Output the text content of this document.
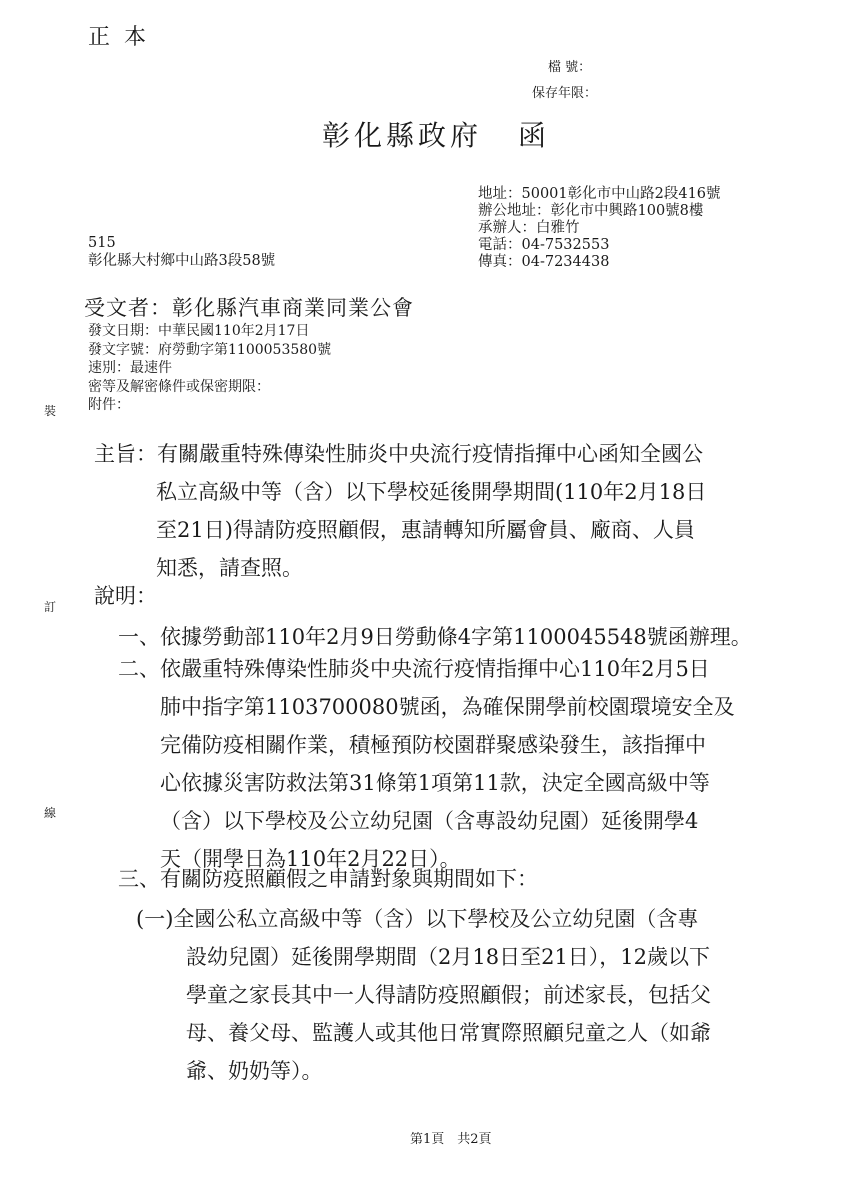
正本
檔 號：
保存年限：
彰化縣政府 函
地址：50001彰化市中山路2段416號
辦公地址：彰化市中興路100號8樓
承辦人：白雅竹
電話：04-7532553
傳真：04-7234438
515
彰化縣大村鄉中山路3段58號
受文者：彰化縣汽車商業同業公會
發文日期：中華民國110年2月17日
發文字號：府勞動字第1100053580號
速別：最速件
密等及解密條件或保密期限：
附件：
裝
訂
線
主旨：有關嚴重特殊傳染性肺炎中央流行疫情指揮中心函知全國公
私立高級中等（含）以下學校延後開學期間(110年2月18日
至21日)得請防疫照顧假，惠請轉知所屬會員、廠商、人員
知悉，請查照。
說明：
一、依據勞動部110年2月9日勞動條4字第1100045548號函辦理。
二、依嚴重特殊傳染性肺炎中央流行疫情指揮中心110年2月5日
肺中指字第1103700080號函，為確保開學前校園環境安全及
完備防疫相關作業，積極預防校園群聚感染發生，該指揮中
心依據災害防救法第31條第1項第11款，決定全國高級中等
（含）以下學校及公立幼兒園（含專設幼兒園）延後開學4
天（開學日為110年2月22日）。
三、有關防疫照顧假之申請對象與期間如下：
(一)全國公私立高級中等（含）以下學校及公立幼兒園（含專
設幼兒園）延後開學期間（2月18日至21日），12歲以下
學童之家長其中一人得請防疫照顧假；前述家長，包括父
母、養父母、監護人或其他日常實際照顧兒童之人（如爺
爺、奶奶等）。
第1頁　共2頁
